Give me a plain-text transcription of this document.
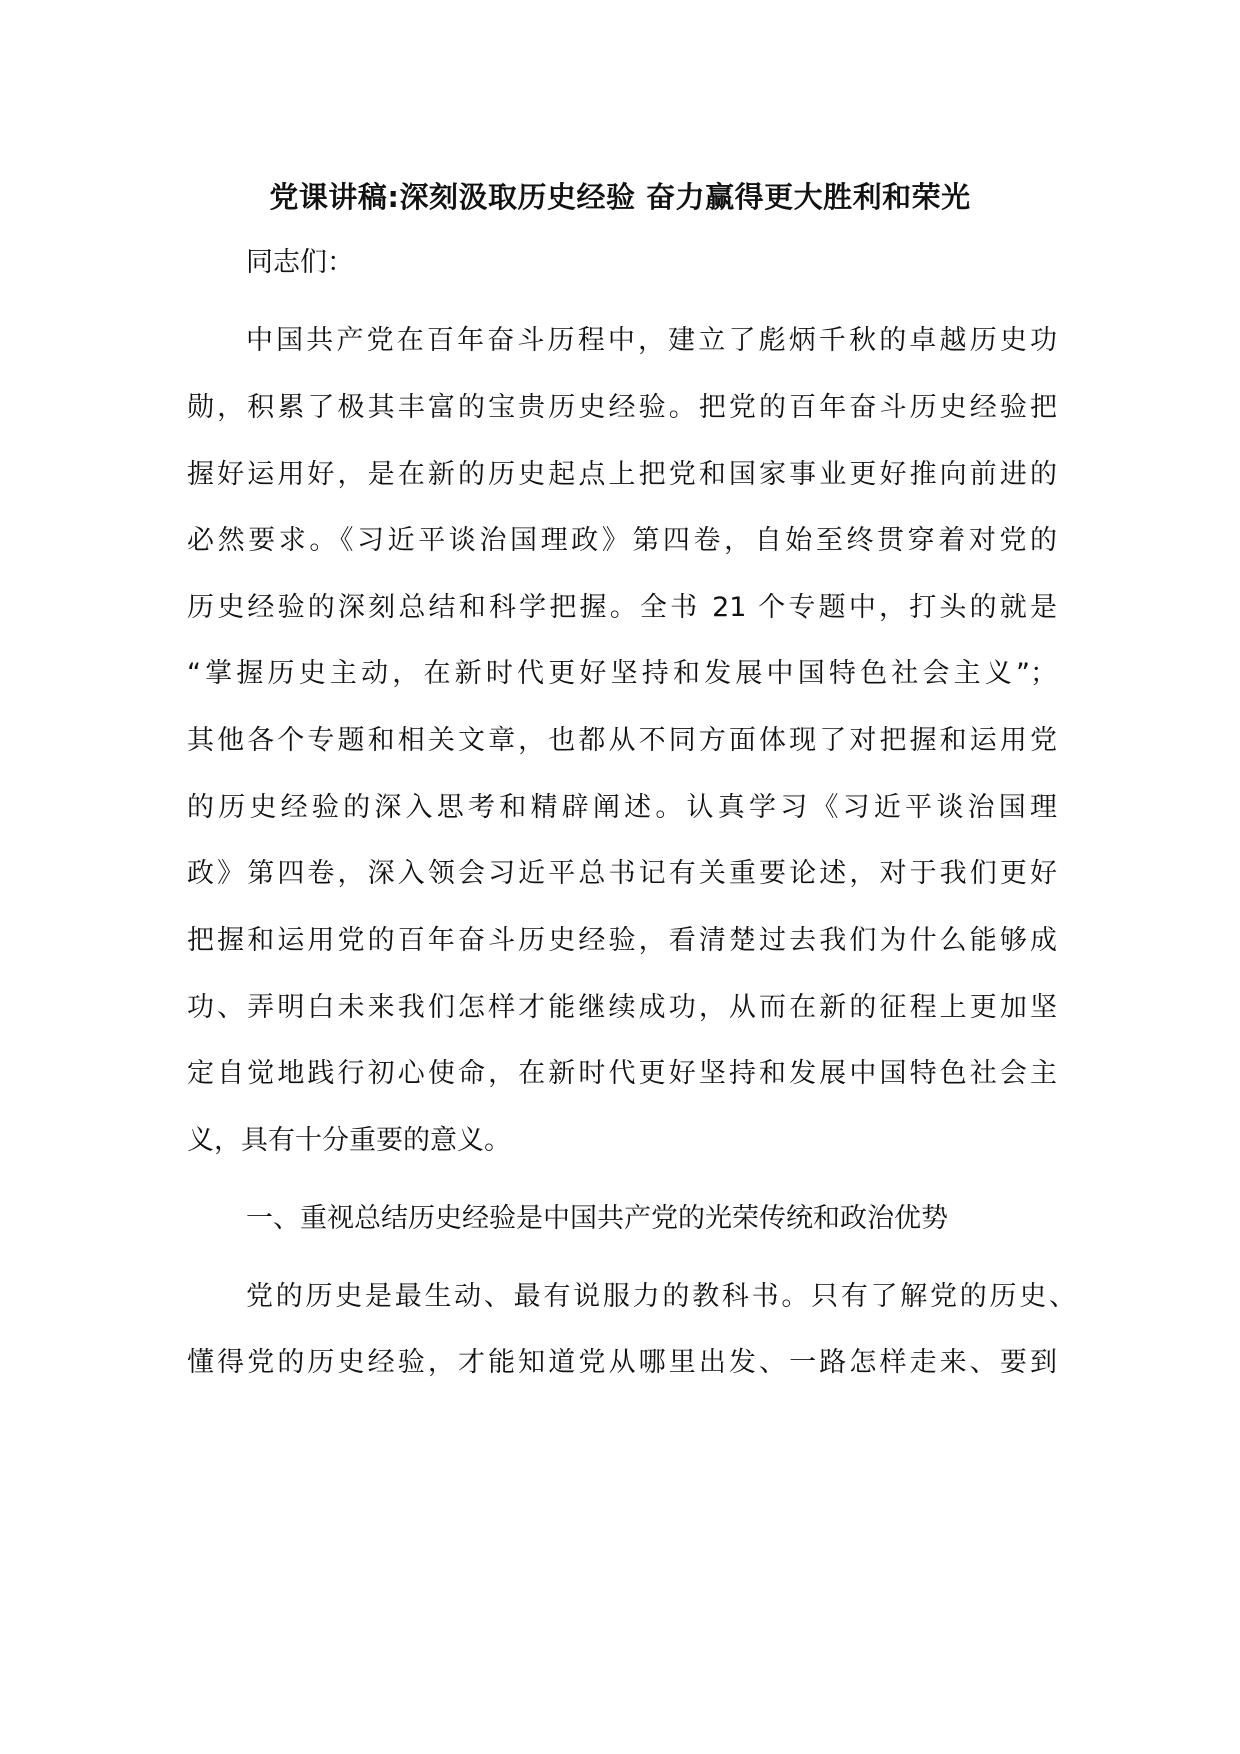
党课讲稿:深刻汲取历史经验 奋力赢得更大胜利和荣光
同志们：
中国共产党在百年奋斗历程中，建立了彪炳千秋的卓越历史功
勋，积累了极其丰富的宝贵历史经验。把党的百年奋斗历史经验把
握好运用好，是在新的历史起点上把党和国家事业更好推向前进的
必然要求。《习近平谈治国理政》第四卷，自始至终贯穿着对党的
历史经验的深刻总结和科学把握。全书 21 个专题中，打头的就是
“掌握历史主动，在新时代更好坚持和发展中国特色社会主义”；
其他各个专题和相关文章，也都从不同方面体现了对把握和运用党
的历史经验的深入思考和精辟阐述。认真学习《习近平谈治国理
政》第四卷，深入领会习近平总书记有关重要论述，对于我们更好
把握和运用党的百年奋斗历史经验，看清楚过去我们为什么能够成
功、弄明白未来我们怎样才能继续成功，从而在新的征程上更加坚
定自觉地践行初心使命，在新时代更好坚持和发展中国特色社会主
义，具有十分重要的意义。
一、重视总结历史经验是中国共产党的光荣传统和政治优势
党的历史是最生动、最有说服力的教科书。只有了解党的历史、
懂得党的历史经验，才能知道党从哪里出发、一路怎样走来、要到
